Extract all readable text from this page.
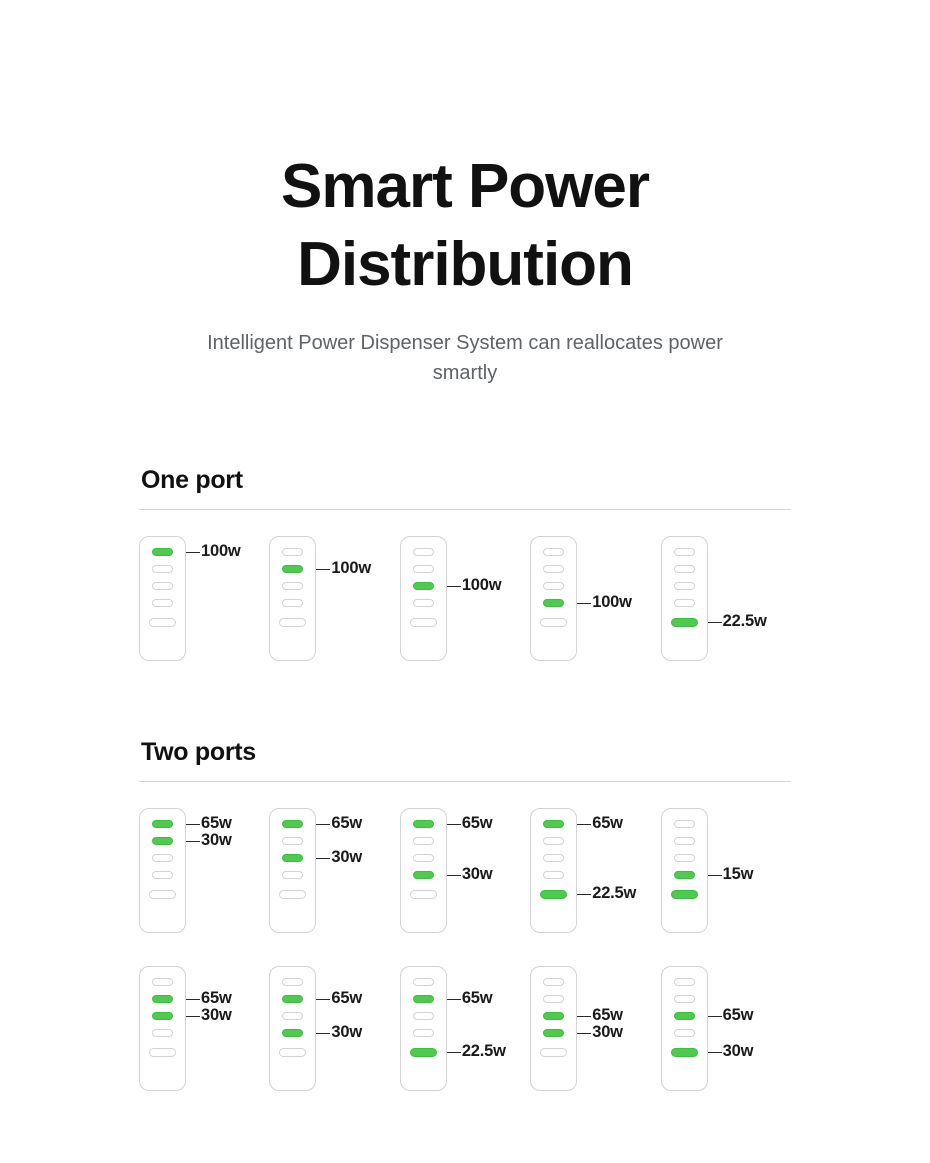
Smart Power
Distribution

Intelligent Power Dispenser System can reallocates power smartly

One port
100w
100w
100w
100w
22.5w
Two ports
65w
30w
65w
30w
65w
30w
65w
22.5w
15w
65w
30w
65w
30w
65w
22.5w
65w
30w
65w
30w
